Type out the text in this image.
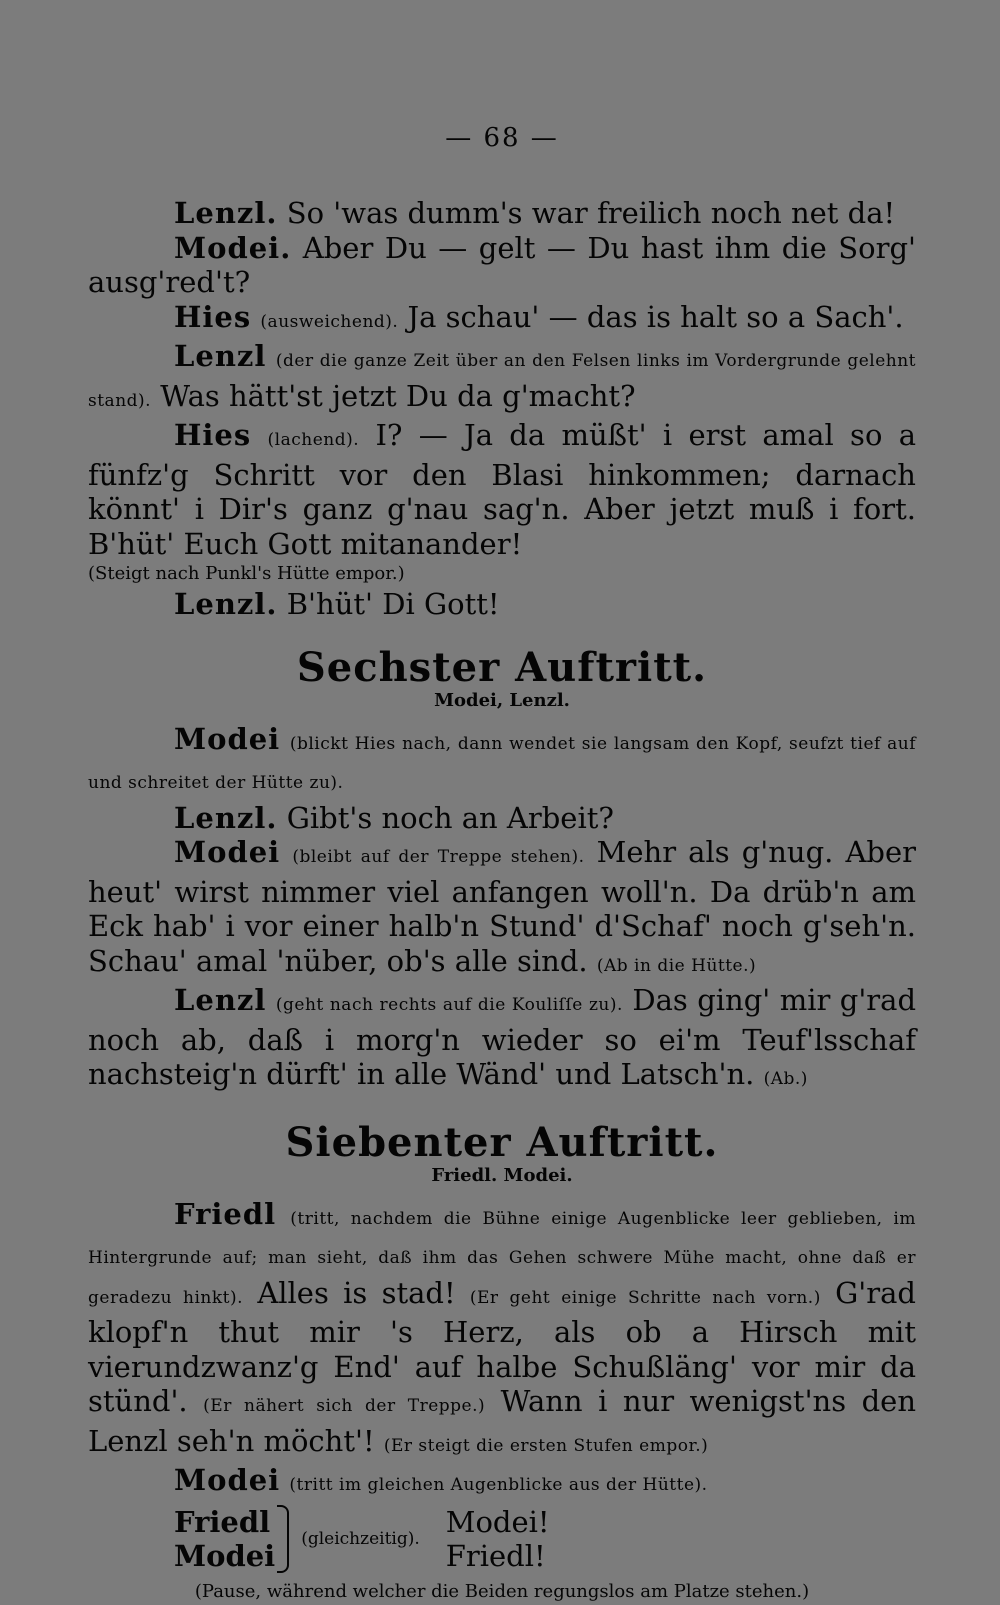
— 68 —

Lenzl. So 'was dumm's war freilich noch net da!

Modei. Aber Du — gelt — Du hast ihm die Sorg' ausg'red't?

Hies (ausweichend). Ja schau' — das is halt so a Sach'.

Lenzl (der die ganze Zeit über an den Felsen links im Vordergrunde gelehnt stand). Was hätt'st jetzt Du da g'macht?

Hies (lachend). I? — Ja da müßt' i erst amal so a fünfz'g Schritt vor den Blasi hinkommen; darnach könnt' i Dir's ganz g'nau sag'n. Aber jetzt muß i fort. B'hüt' Euch Gott mitanander!

(Steigt nach Punkl's Hütte empor.)

Lenzl. B'hüt' Di Gott!

Sechster Auftritt.
Modei, Lenzl.

Modei (blickt Hies nach, dann wendet sie langsam den Kopf, seufzt tief auf und schreitet der Hütte zu).

Lenzl. Gibt's noch an Arbeit?

Modei (bleibt auf der Treppe stehen). Mehr als g'nug. Aber heut' wirst nimmer viel anfangen woll'n. Da drüb'n am Eck hab' i vor einer halb'n Stund' d'Schaf' noch g'seh'n. Schau' amal 'nüber, ob's alle sind. (Ab in die Hütte.)

Lenzl (geht nach rechts auf die Kouliſſe zu). Das ging' mir g'rad noch ab, daß i morg'n wieder so ei'm Teuf'lsschaf nachsteig'n dürft' in alle Wänd' und Latsch'n. (Ab.)

Siebenter Auftritt.
Friedl. Modei.

Friedl (tritt, nachdem die Bühne einige Augenblicke leer geblieben, im Hintergrunde auf; man sieht, daß ihm das Gehen schwere Mühe macht, ohne daß er geradezu hinkt). Alles is stad! (Er geht einige Schritte nach vorn.) G'rad klopf'n thut mir 's Herz, als ob a Hirsch mit vierundzwanz'g End' auf halbe Schußläng' vor mir da stünd'. (Er nähert sich der Treppe.) Wann i nur wenigst'ns den Lenzl seh'n möcht'! (Er steigt die ersten Stufen empor.)

Modei (tritt im gleichen Augenblicke aus der Hütte).

Friedl
Modei (gleichzeitig). Modei!
Friedl!
(Pause, während welcher die Beiden regungslos am Platze stehen.)
